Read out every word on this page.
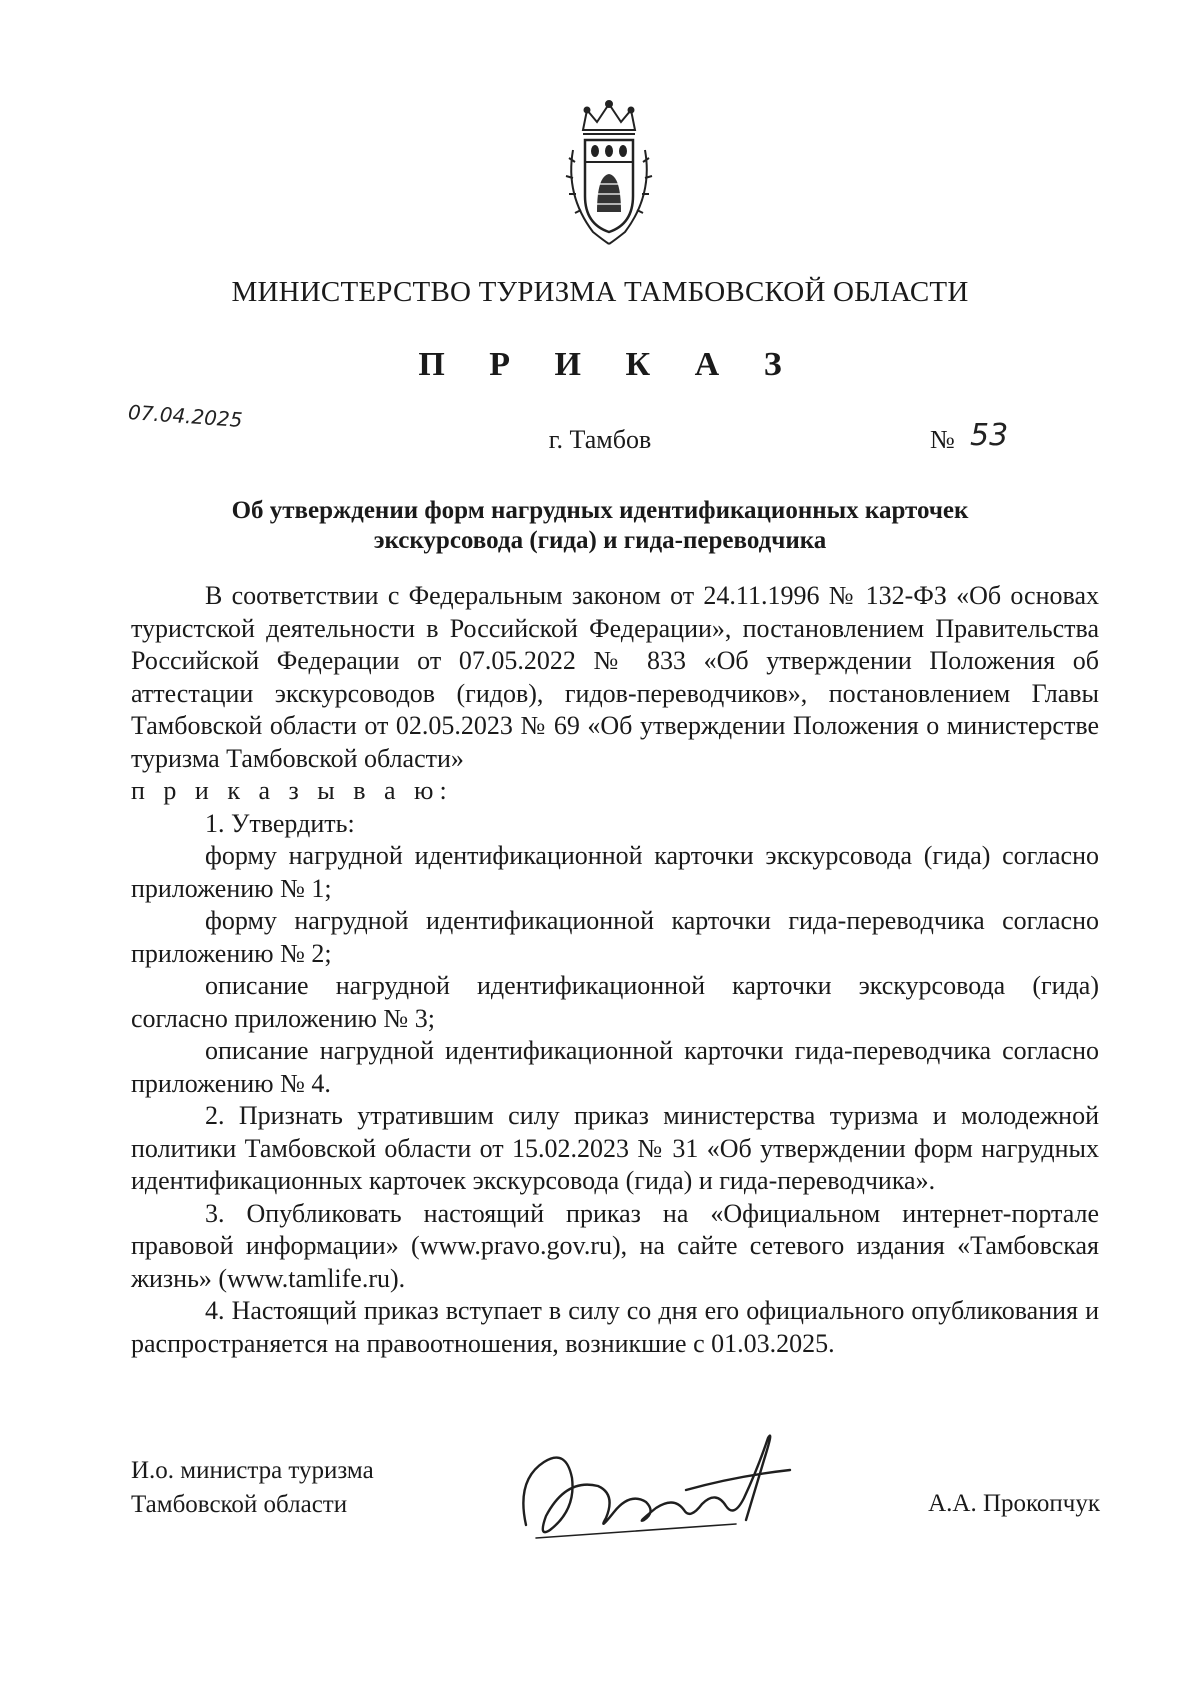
МИНИСТЕРСТВО ТУРИЗМА ТАМБОВСКОЙ ОБЛАСТИ
П Р И К А З
07.04.2025
г. Тамбов	№ 53
Об утверждении форм нагрудных идентификационных карточек
экскурсовода (гида) и гида-переводчика

В соответствии с Федеральным законом от 24.11.1996 № 132-ФЗ «Об основах туристской деятельности в Российской Федерации», постановлением Правительства Российской Федерации от 07.05.2022 № 833 «Об утверждении Положения об аттестации экскурсоводов (гидов), гидов-переводчиков», постановлением Главы Тамбовской области от 02.05.2023 № 69 «Об утверждении Положения о министерстве туризма Тамбовской области»

п р и к а з ы в а ю:

1. Утвердить:

форму нагрудной идентификационной карточки экскурсовода (гида) согласно приложению № 1;

форму нагрудной идентификационной карточки гида-переводчика согласно приложению № 2;

описание нагрудной идентификационной карточки экскурсовода (гида) согласно приложению № 3;

описание нагрудной идентификационной карточки гида-переводчика согласно приложению № 4.

2. Признать утратившим силу приказ министерства туризма и молодежной политики Тамбовской области от 15.02.2023 № 31 «Об утверждении форм нагрудных идентификационных карточек экскурсовода (гида) и гида-переводчика».

3. Опубликовать настоящий приказ на «Официальном интернет-портале правовой информации» (www.pravo.gov.ru), на сайте сетевого издания «Тамбовская жизнь» (www.tamlife.ru).

4. Настоящий приказ вступает в силу со дня его официального опубликования и распространяется на правоотношения, возникшие с 01.03.2025.

И.о. министра туризма
Тамбовской области	А.А. Прокопчук
